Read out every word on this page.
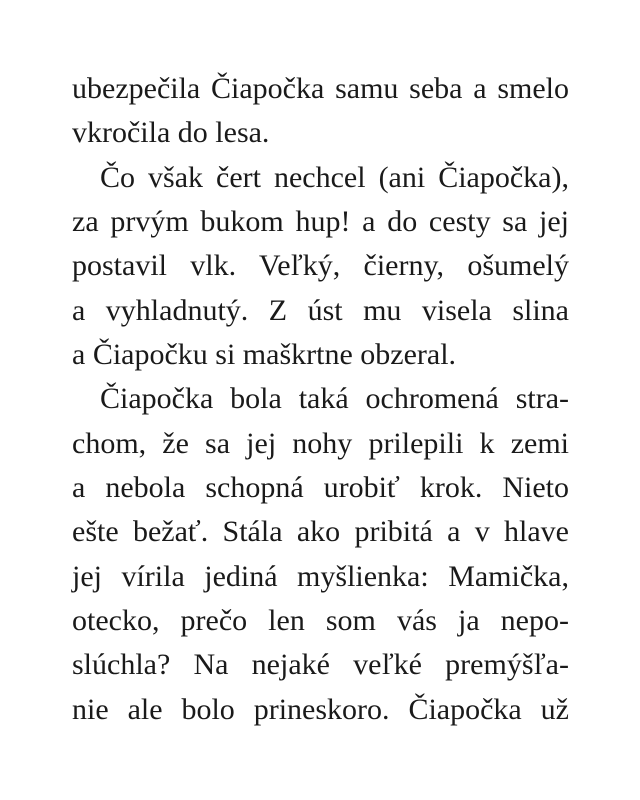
ubezpečila Čiapočka samu seba a smelo
vkročila do lesa.
Čo však čert nechcel (ani Čiapočka),
za prvým bukom hup! a do cesty sa jej
postavil vlk. Veľký, čierny, ošumelý
a vyhladnutý. Z úst mu visela slina
a Čiapočku si maškrtne obzeral.
Čiapočka bola taká ochromená stra-
chom, že sa jej nohy prilepili k zemi
a nebola schopná urobiť krok. Nieto
ešte bežať. Stála ako pribitá a v hlave
jej vírila jediná myšlienka: Mamička,
otecko, prečo len som vás ja nepo-
slúchla? Na nejaké veľké premýšľa-
nie ale bolo prineskoro. Čiapočka už
